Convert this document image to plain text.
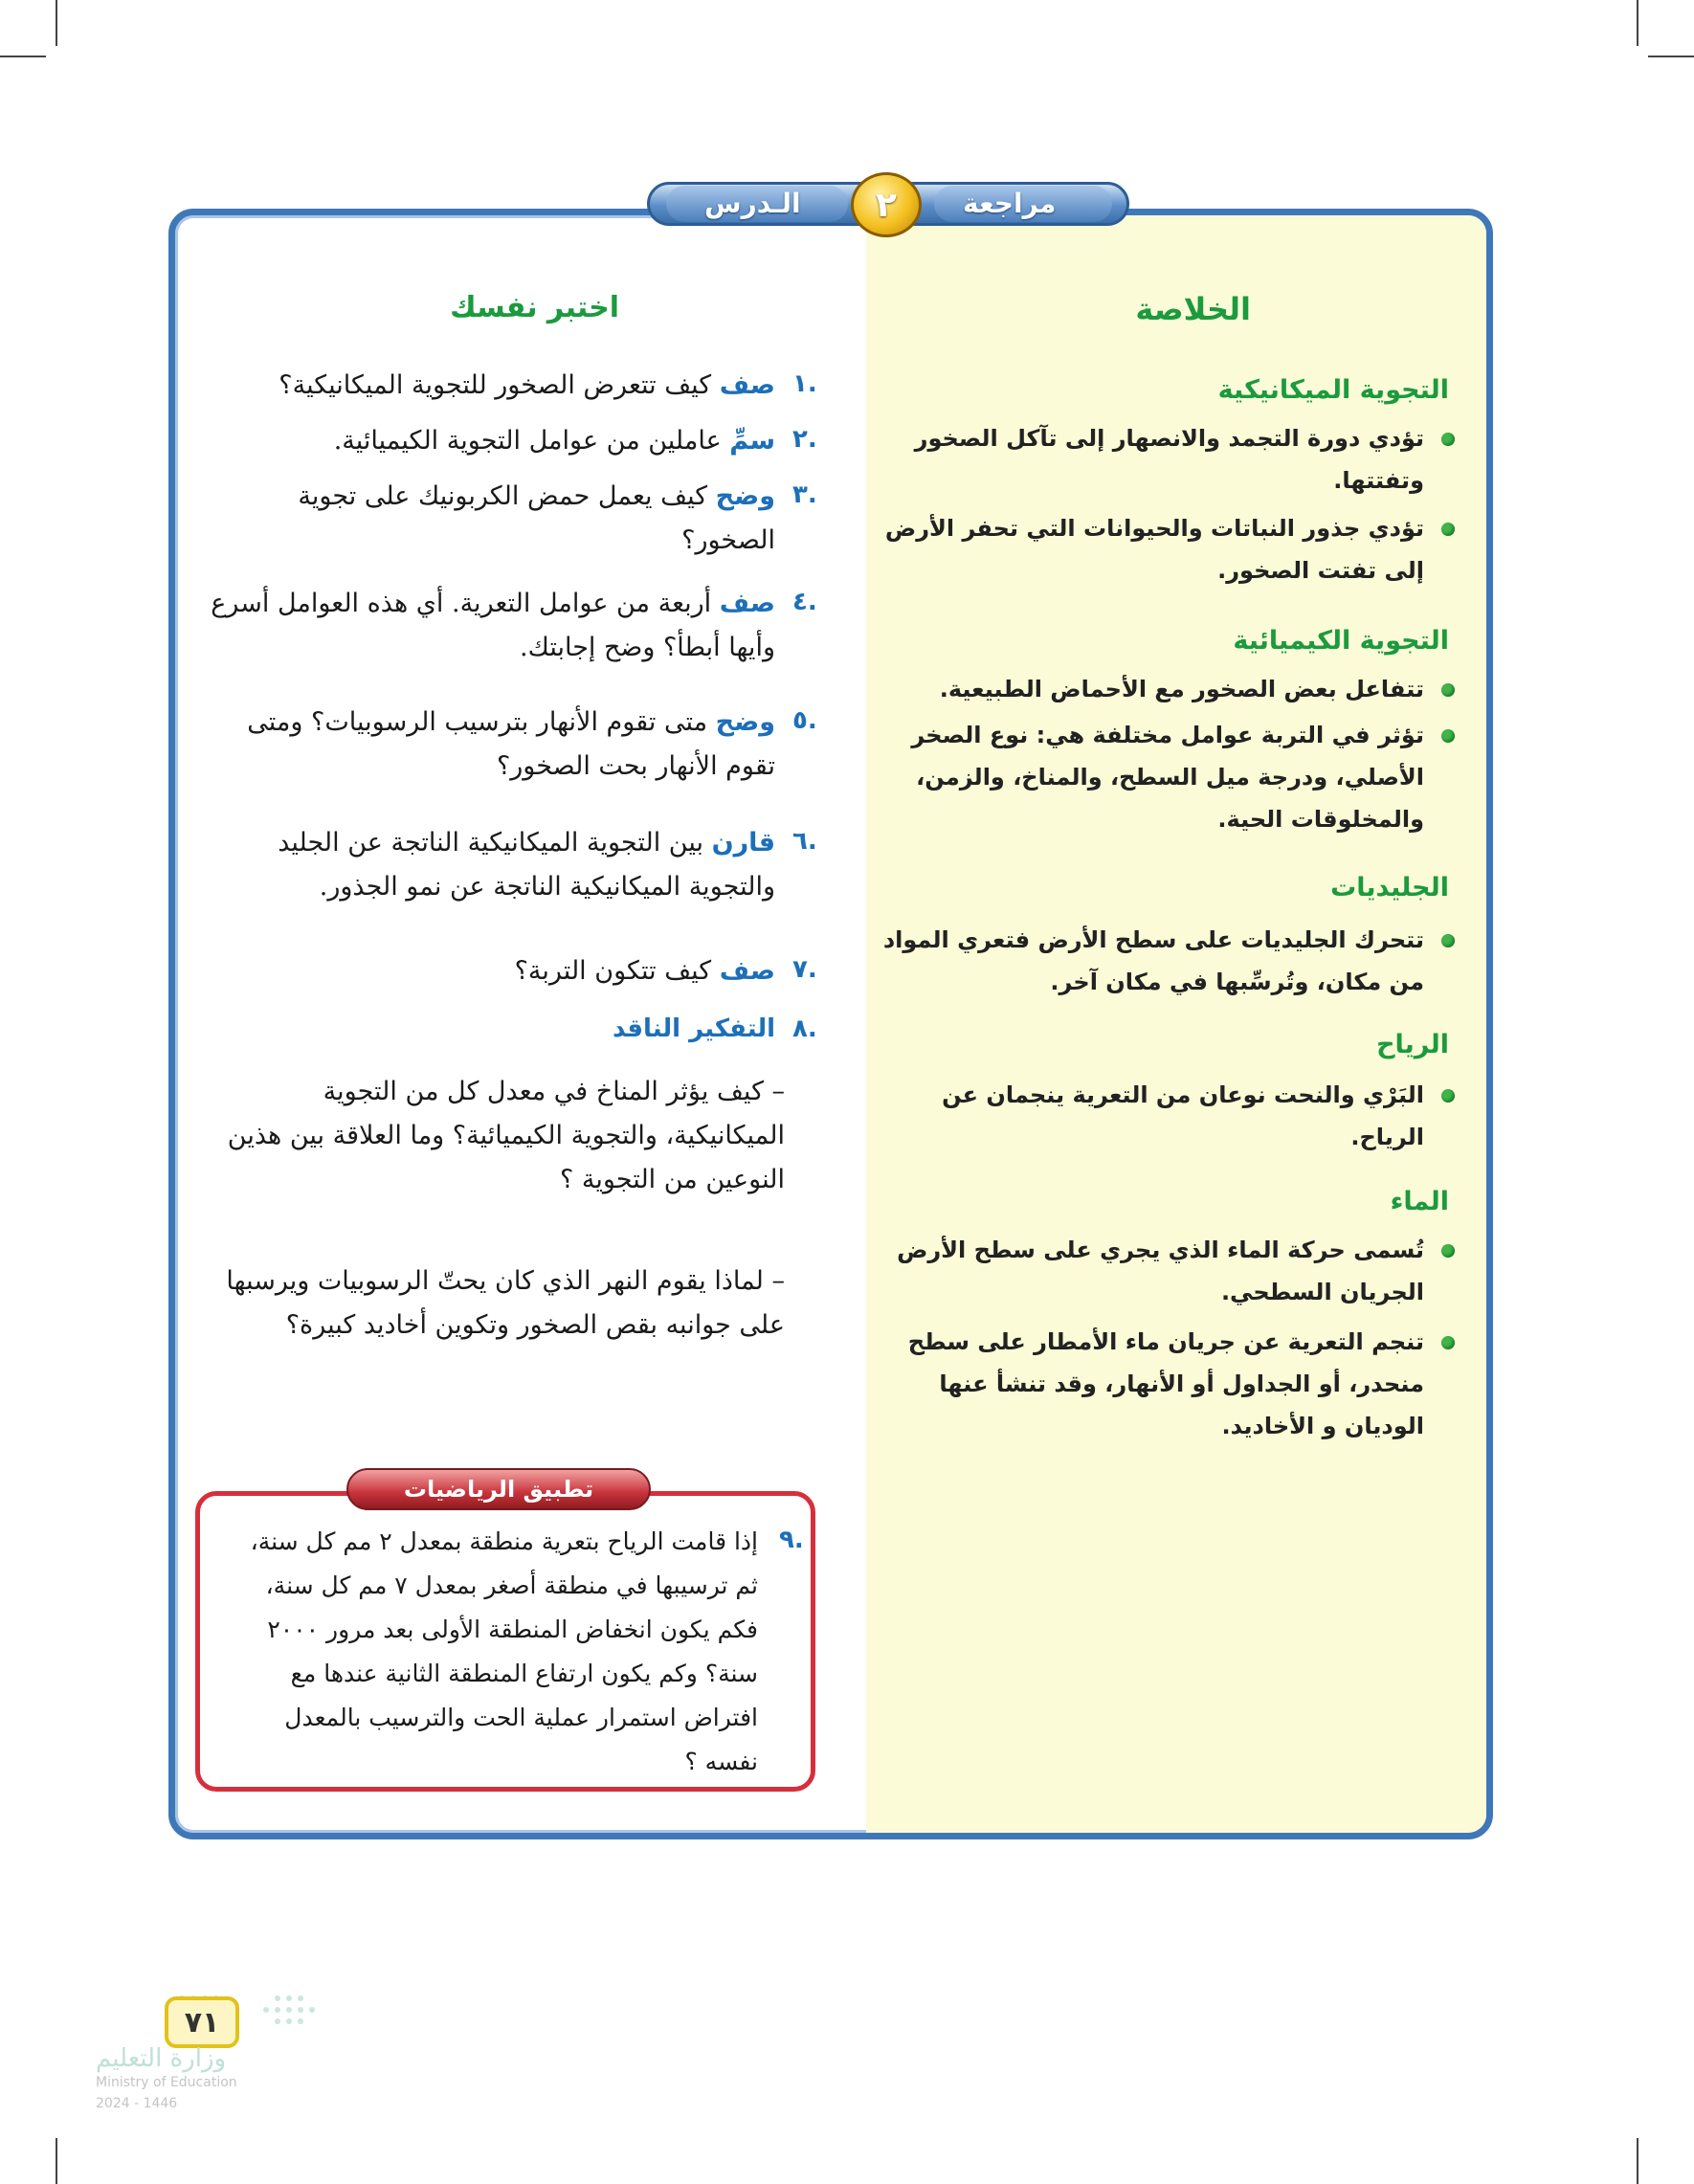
الـدرس	مراجعة
٢
الخلاصة
التجوية الميكانيكية
تؤدي دورة التجمد والانصهار إلى تآكل الصخور وتفتتها.
تؤدي جذور النباتات والحيوانات التي تحفر الأرض إلى تفتت الصخور.
التجوية الكيميائية
تتفاعل بعض الصخور مع الأحماض الطبيعية.
تؤثر في التربة عوامل مختلفة هي: نوع الصخر الأصلي، ودرجة ميل السطح، والمناخ، والزمن، والمخلوقات الحية.
الجليديات
تتحرك الجليديات على سطح الأرض فتعري المواد من مكان، وتُرسِّبها في مكان آخر.
الرياح
البَرْي والنحت نوعان من التعرية ينجمان عن الرياح.
الماء
تُسمى حركة الماء الذي يجري على سطح الأرض الجريان السطحي.
تنجم التعرية عن جريان ماء الأمطار على سطح منحدر، أو الجداول أو الأنهار، وقد تنشأ عنها الوديان و الأخاديد.
اختبر نفسك
١.
صف كيف تتعرض الصخور للتجوية الميكانيكية؟
٢.
سمِّ عاملين من عوامل التجوية الكيميائية.
٣.
وضح كيف يعمل حمض الكربونيك على تجوية الصخور؟
٤.
صف أربعة من عوامل التعرية. أي هذه العوامل أسرع وأيها أبطأ؟ وضح إجابتك.
٥.
وضح متى تقوم الأنهار بترسيب الرسوبيات؟ ومتى تقوم الأنهار بحت الصخور؟
٦.
قارن بين التجوية الميكانيكية الناتجة عن الجليد والتجوية الميكانيكية الناتجة عن نمو الجذور.
٧.
صف كيف تتكون التربة؟
٨.
التفكير الناقد
– كيف يؤثر المناخ في معدل كل من التجوية الميكانيكية، والتجوية الكيميائية؟ وما العلاقة بين هذين النوعين من التجوية ؟
– لماذا يقوم النهر الذي كان يحتّ الرسوبيات ويرسبها على جوانبه بقص الصخور وتكوين أخاديد كبيرة؟
تطبيق الرياضيات
٩.
إذا قامت الرياح بتعرية منطقة بمعدل ٢ مم كل سنة، ثم ترسيبها في منطقة أصغر بمعدل ٧ مم كل سنة، فكم يكون انخفاض المنطقة الأولى بعد مرور ٢٠٠٠ سنة؟ وكم يكون ارتفاع المنطقة الثانية عندها مع افتراض استمرار عملية الحت والترسيب بالمعدل نفسه ؟
٧١
وزارة التعليم
Ministry of Education
2024 - 1446
